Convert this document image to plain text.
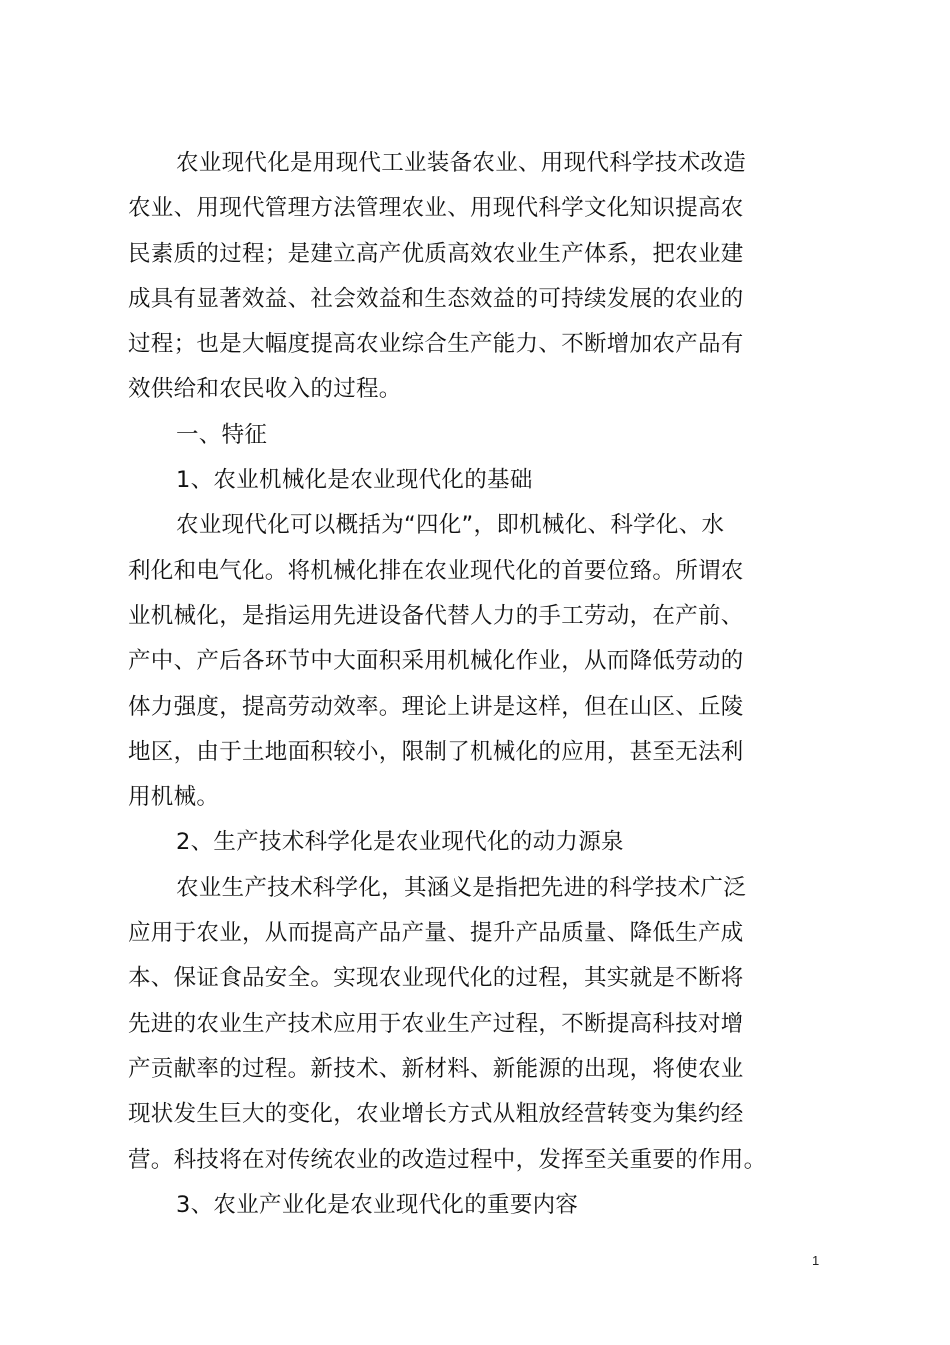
农业现代化是用现代工业装备农业、用现代科学技术改造
农业、用现代管理方法管理农业、用现代科学文化知识提高农
民素质的过程；是建立高产优质高效农业生产体系，把农业建
成具有显著效益、社会效益和生态效益的可持续发展的农业的
过程；也是大幅度提高农业综合生产能力、不断增加农产品有
效供给和农民收入的过程。
一、特征
1、农业机械化是农业现代化的基础
农业现代化可以概括为“四化”，即机械化、科学化、水
利化和电气化。将机械化排在农业现代化的首要位臵。所谓农
业机械化，是指运用先进设备代替人力的手工劳动，在产前、
产中、产后各环节中大面积采用机械化作业，从而降低劳动的
体力强度，提高劳动效率。理论上讲是这样，但在山区、丘陵
地区，由于土地面积较小，限制了机械化的应用，甚至无法利
用机械。
2、生产技术科学化是农业现代化的动力源泉
农业生产技术科学化，其涵义是指把先进的科学技术广泛
应用于农业，从而提高产品产量、提升产品质量、降低生产成
本、保证食品安全。实现农业现代化的过程，其实就是不断将
先进的农业生产技术应用于农业生产过程，不断提高科技对增
产贡献率的过程。新技术、新材料、新能源的出现，将使农业
现状发生巨大的变化，农业增长方式从粗放经营转变为集约经
营。科技将在对传统农业的改造过程中，发挥至关重要的作用。
3、农业产业化是农业现代化的重要内容
1
